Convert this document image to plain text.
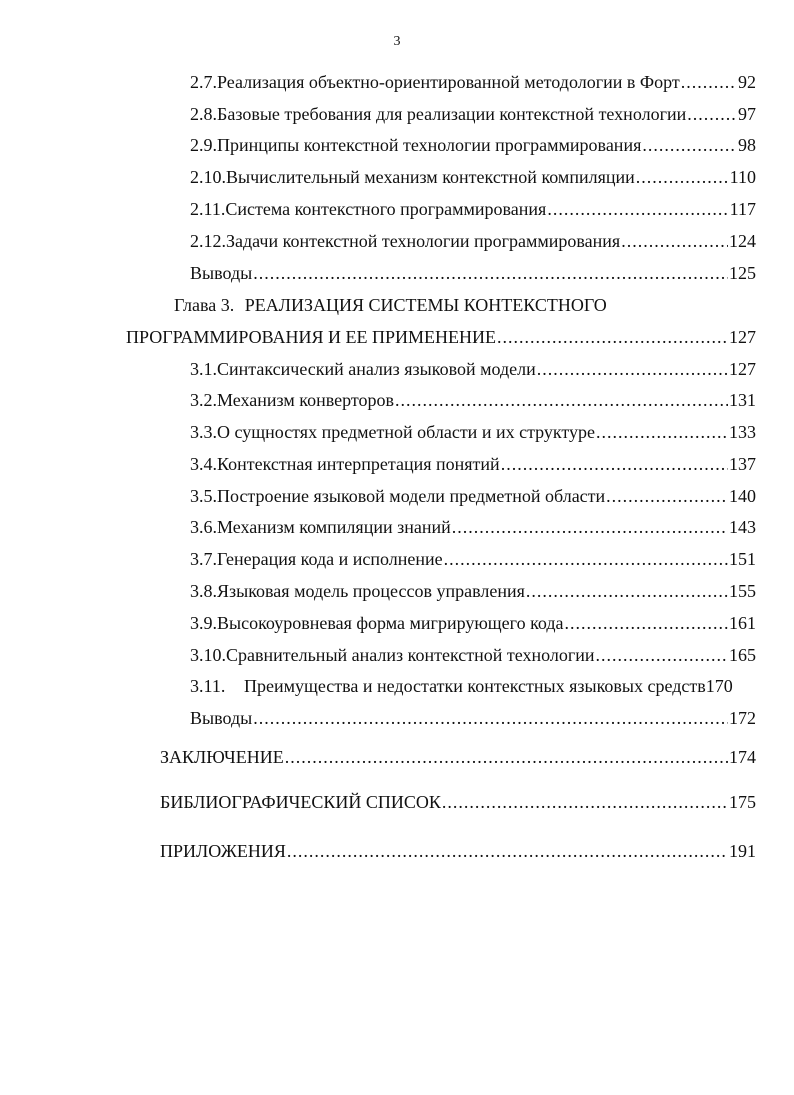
3
2.7. Реализация объектно-ориентированной методологии в Форт .....	92
2.8. Базовые требования для реализации контекстной технологии .....	97
2.9. Принципы контекстной технологии программирования .....	98
2.10. Вычислительный механизм контекстной компиляции .....	110
2.11. Система контекстного программирования .....	117
2.12. Задачи контекстной технологии программирования .....	124
Выводы .....	125
Глава 3. РЕАЛИЗАЦИЯ СИСТЕМЫ КОНТЕКСТНОГО
ПРОГРАММИРОВАНИЯ И ЕЕ ПРИМЕНЕНИЕ .....	127
3.1. Синтаксический анализ языковой модели .....	127
3.2. Механизм конверторов .....	131
3.3. О сущностях предметной области и их структуре .....	133
3.4. Контекстная интерпретация понятий .....	137
3.5. Построение языковой модели предметной области .....	140
3.6. Механизм компиляции знаний .....	143
3.7. Генерация кода и исполнение .....	151
3.8. Языковая модель процессов управления .....	155
3.9. Высокоуровневая форма мигрирующего кода .....	161
3.10. Сравнительный анализ контекстной технологии .....	165
3.11.	Преимущества и недостатки контекстных языковых средств 170
Выводы .....	172
ЗАКЛЮЧЕНИЕ .....	174
БИБЛИОГРАФИЧЕСКИЙ СПИСОК .....	175
ПРИЛОЖЕНИЯ .....	191
